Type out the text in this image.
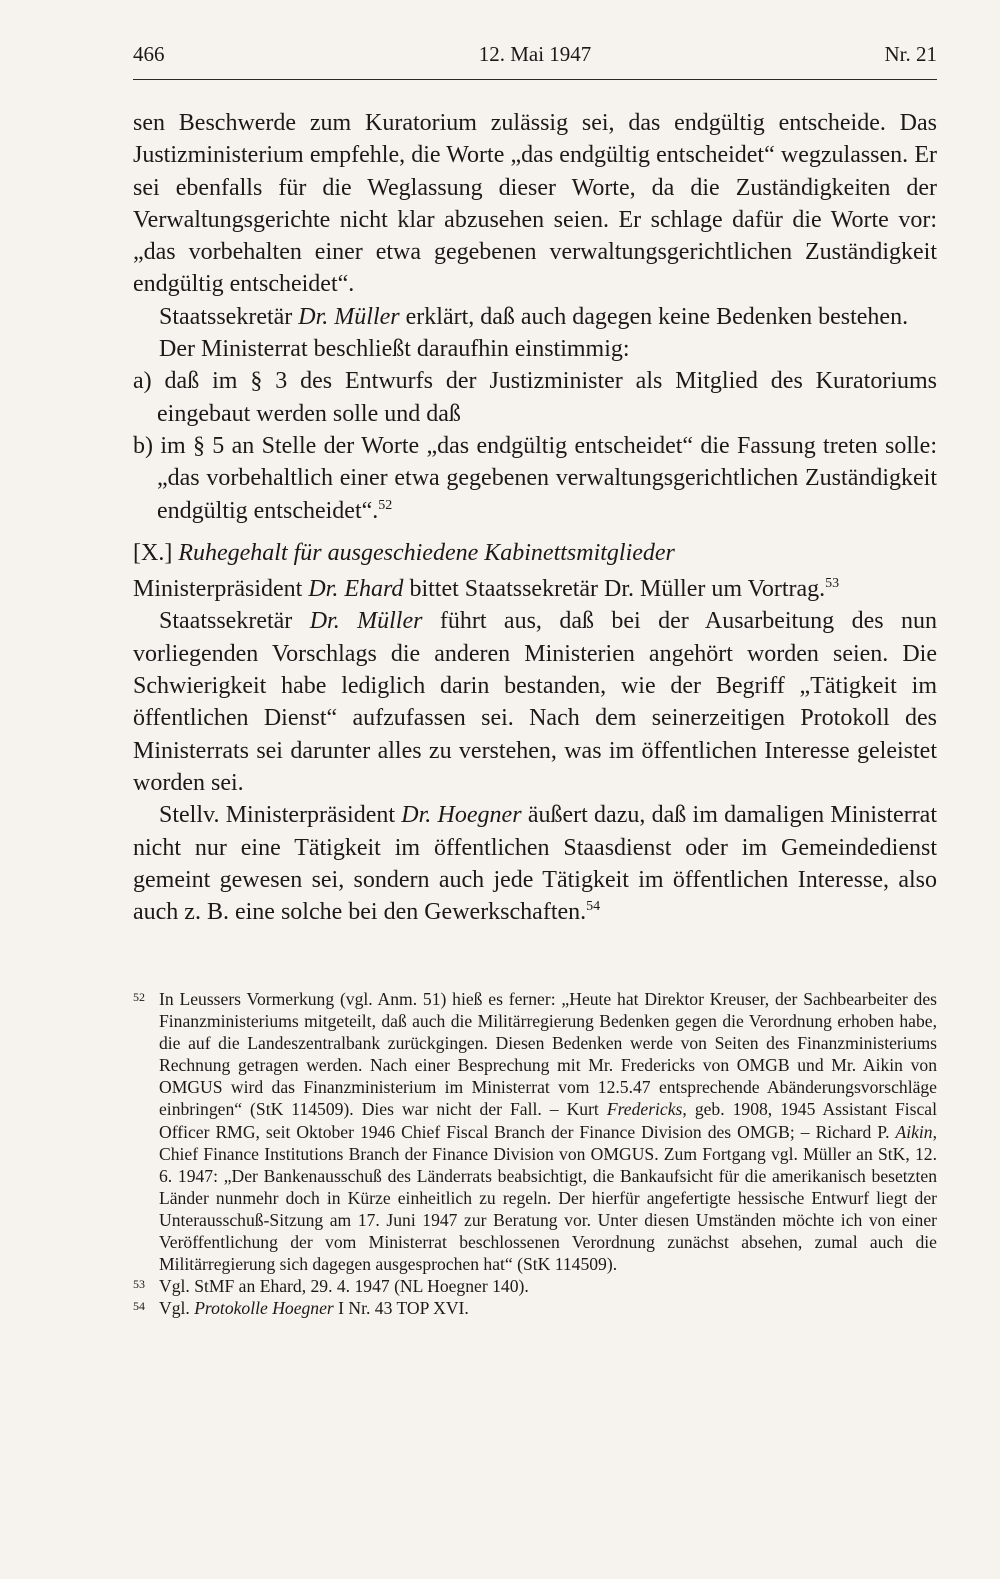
466	12. Mai 1947	Nr. 21

sen Beschwerde zum Kuratorium zulässig sei, das endgültig entscheide. Das Justizministerium empfehle, die Worte „das endgültig entscheidet“ wegzulassen. Er sei ebenfalls für die Weglassung dieser Worte, da die Zuständigkeiten der Verwaltungsgerichte nicht klar abzusehen seien. Er schlage dafür die Worte vor: „das vorbehalten einer etwa gegebenen verwaltungsgerichtlichen Zuständigkeit endgültig entscheidet“.

Staatssekretär Dr. Müller erklärt, daß auch dagegen keine Bedenken bestehen.

Der Ministerrat beschließt daraufhin einstimmig:

a) daß im § 3 des Entwurfs der Justizminister als Mitglied des Kuratoriums eingebaut werden solle und daß

b) im § 5 an Stelle der Worte „das endgültig entscheidet“ die Fassung treten solle: „das vorbehaltlich einer etwa gegebenen verwaltungsgerichtlichen Zuständigkeit endgültig entscheidet“.$^{52}$

[X.] Ruhegehalt für ausgeschiedene Kabinettsmitglieder

Ministerpräsident Dr. Ehard bittet Staatssekretär Dr. Müller um Vortrag.$^{53}$

Staatssekretär Dr. Müller führt aus, daß bei der Ausarbeitung des nun vorliegenden Vorschlags die anderen Ministerien angehört worden seien. Die Schwierigkeit habe lediglich darin bestanden, wie der Begriff „Tätigkeit im öffentlichen Dienst“ aufzufassen sei. Nach dem seinerzeitigen Protokoll des Ministerrats sei darunter alles zu verstehen, was im öffentlichen Interesse geleistet worden sei.

Stellv. Ministerpräsident Dr. Hoegner äußert dazu, daß im damaligen Ministerrat nicht nur eine Tätigkeit im öffentlichen Staasdienst oder im Gemeindedienst gemeint gewesen sei, sondern auch jede Tätigkeit im öffentlichen Interesse, also auch z. B. eine solche bei den Gewerkschaften.$^{54}$

52 In Leussers Vormerkung (vgl. Anm. 51) hieß es ferner: „Heute hat Direktor Kreuser, der Sachbearbeiter des Finanzministeriums mitgeteilt, daß auch die Militärregierung Bedenken gegen die Verordnung erhoben habe, die auf die Landeszentralbank zurückgingen. Diesen Bedenken werde von Seiten des Finanzministeriums Rechnung getragen werden. Nach einer Besprechung mit Mr. Fredericks von OMGB und Mr. Aikin von OMGUS wird das Finanzministerium im Ministerrat vom 12.5.47 entsprechende Abänderungsvorschläge einbringen“ (StK 114509). Dies war nicht der Fall. – Kurt Fredericks, geb. 1908, 1945 Assistant Fiscal Officer RMG, seit Oktober 1946 Chief Fiscal Branch der Finance Division des OMGB; – Richard P. Aikin, Chief Finance Institutions Branch der Finance Division von OMGUS. Zum Fortgang vgl. Müller an StK, 12. 6. 1947: „Der Bankenausschuß des Länderrats beabsichtigt, die Bankaufsicht für die amerikanisch besetzten Länder nunmehr doch in Kürze einheitlich zu regeln. Der hierfür angefertigte hessische Entwurf liegt der Unterausschuß-Sitzung am 17. Juni 1947 zur Beratung vor. Unter diesen Umständen möchte ich von einer Veröffentlichung der vom Ministerrat beschlossenen Verordnung zunächst absehen, zumal auch die Militärregierung sich dagegen ausgesprochen hat“ (StK 114509).

53 Vgl. StMF an Ehard, 29. 4. 1947 (NL Hoegner 140).

54 Vgl. Protokolle Hoegner I Nr. 43 TOP XVI.
